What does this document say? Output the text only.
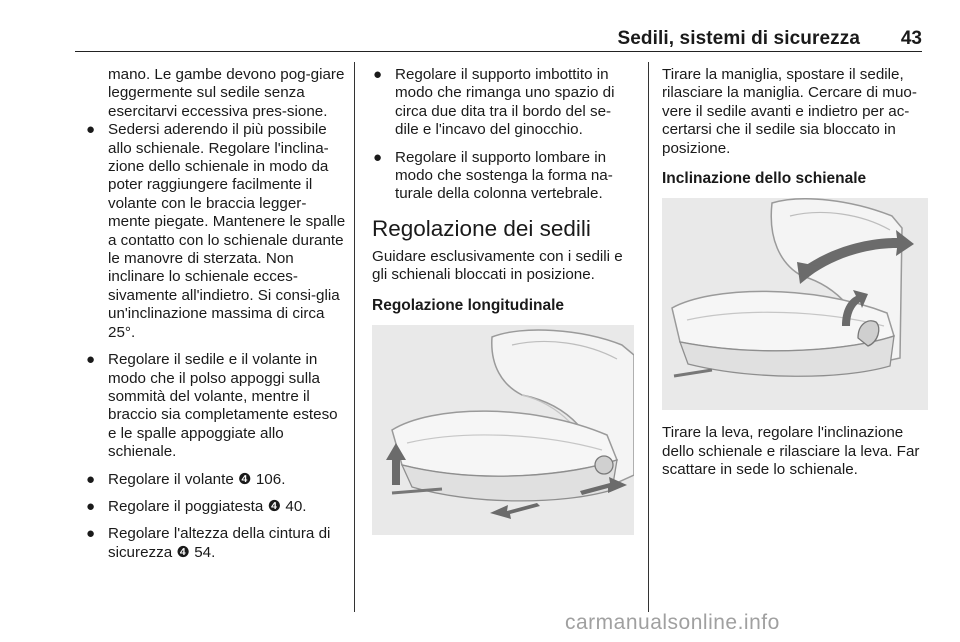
Sedili, sistemi di sicurezza 43

mano. Le gambe devono pog-giare leggermente sul sedile senza esercitarvi eccessiva pres-sione.

● Sedersi aderendo il più possibile allo schienale. Regolare l'inclina-zione dello schienale in modo da poter raggiungere facilmente il volante con le braccia legger-mente piegate. Mantenere le spalle a contatto con lo schienale durante le manovre di sterzata. Non inclinare lo schienale ecces-sivamente all'indietro. Si consi-glia un'inclinazione massima di circa 25°.
● Regolare il sedile e il volante in modo che il polso appoggi sulla sommità del volante, mentre il braccio sia completamente esteso e le spalle appoggiate allo schienale.
● Regolare il volante ❹ 106.
● Regolare il poggiatesta ❹ 40.
● Regolare l'altezza della cintura di sicurezza ❹ 54.
● Regolare il supporto imbottito in modo che rimanga uno spazio di circa due dita tra il bordo del se-dile e l'incavo del ginocchio.
● Regolare il supporto lombare in modo che sostenga la forma na-turale della colonna vertebrale.
Regolazione dei sedili

Guidare esclusivamente con i sedili e gli schienali bloccati in posizione.

Regolazione longitudinale

Tirare la maniglia, spostare il sedile, rilasciare la maniglia. Cercare di muo-vere il sedile avanti e indietro per ac-certarsi che il sedile sia bloccato in posizione.

Inclinazione dello schienale

Tirare la leva, regolare l'inclinazione dello schienale e rilasciare la leva. Far scattare in sede lo schienale.

carmanualsonline.info
